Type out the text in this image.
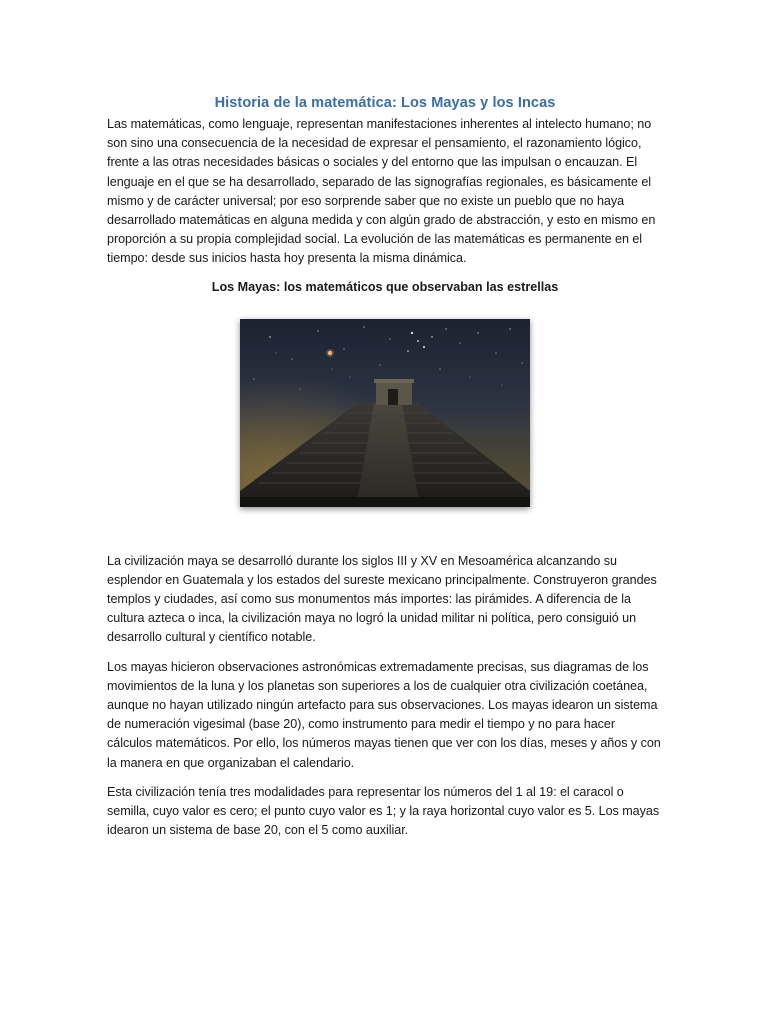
Historia de la matemática: Los Mayas y los Incas

Las matemáticas, como lenguaje, representan manifestaciones inherentes al intelecto humano; no son sino una consecuencia de la necesidad de expresar el pensamiento, el razonamiento lógico, frente a las otras necesidades básicas o sociales y del entorno que las impulsan o encauzan. El lenguaje en el que se ha desarrollado, separado de las signografías regionales, es básicamente el mismo y de carácter universal; por eso sorprende saber que no existe un pueblo que no haya desarrollado matemáticas en alguna medida y con algún grado de abstracción, y esto en mismo en proporción a su propia complejidad social. La evolución de las matemáticas es permanente en el tiempo: desde sus inicios hasta hoy presenta la misma dinámica.

Los Mayas: los matemáticos que observaban las estrellas

La civilización maya se desarrolló durante los siglos III y XV en Mesoamérica alcanzando su esplendor en Guatemala y los estados del sureste mexicano principalmente. Construyeron grandes templos y ciudades, así como sus monumentos más importes: las pirámides. A diferencia de la cultura azteca o inca, la civilización maya no logró la unidad militar ni política, pero consiguió un desarrollo cultural y científico notable.

Los mayas hicieron observaciones astronómicas extremadamente precisas, sus diagramas de los movimientos de la luna y los planetas son superiores a los de cualquier otra civilización coetánea, aunque no hayan utilizado ningún artefacto para sus observaciones. Los mayas idearon un sistema de numeración vigesimal (base 20), como instrumento para medir el tiempo y no para hacer cálculos matemáticos. Por ello, los números mayas tienen que ver con los días, meses y años y con la manera en que organizaban el calendario.

Esta civilización tenía tres modalidades para representar los números del 1 al 19: el caracol o semilla, cuyo valor es cero; el punto cuyo valor es 1; y la raya horizontal cuyo valor es 5. Los mayas idearon un sistema de base 20, con el 5 como auxiliar.
